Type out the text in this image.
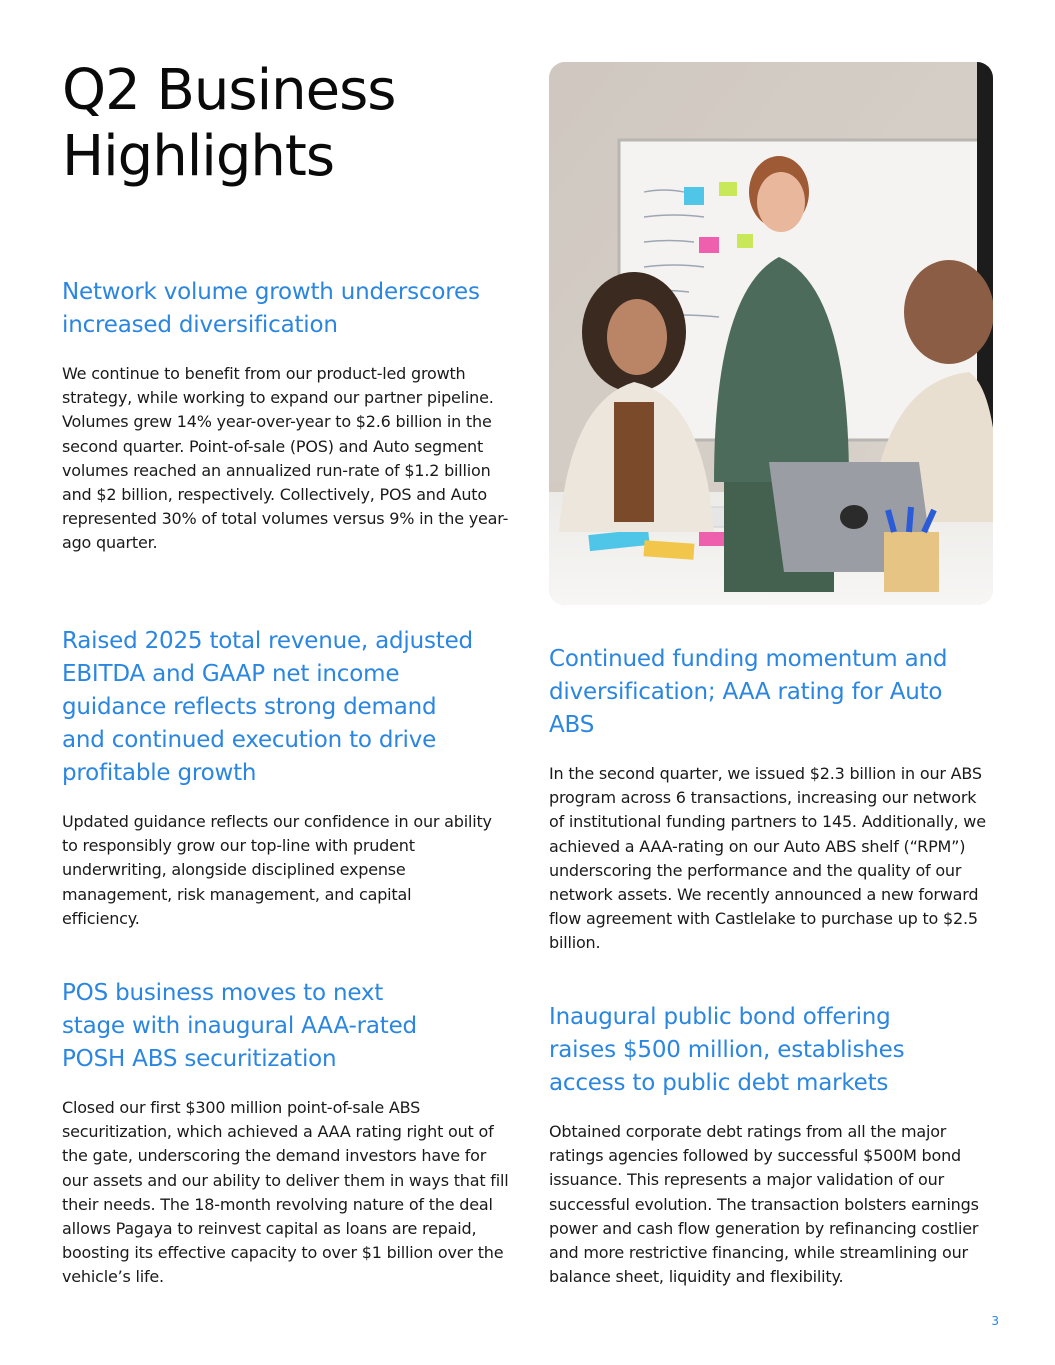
Q2 Business Highlights
Network volume growth underscores increased diversification

We continue to benefit from our product-led growth strategy, while working to expand our partner pipeline. Volumes grew 14% year-over-year to $2.6 billion in the second quarter. Point-of-sale (POS) and Auto segment volumes reached an annualized run-rate of $1.2 billion and $2 billion, respectively. Collectively, POS and Auto represented 30% of total volumes versus 9% in the year-ago quarter.

Raised 2025 total revenue, adjusted EBITDA and GAAP net income guidance reflects strong demand and continued execution to drive profitable growth

Updated guidance reflects our confidence in our ability to responsibly grow our top-line with prudent underwriting, alongside disciplined expense management, risk management, and capital efficiency.

POS business moves to next stage with inaugural AAA-rated POSH ABS securitization

Closed our first $300 million point-of-sale ABS securitization, which achieved a AAA rating right out of the gate, underscoring the demand investors have for our assets and our ability to deliver them in ways that fill their needs. The 18-month revolving nature of the deal allows Pagaya to reinvest capital as loans are repaid, boosting its effective capacity to over $1 billion over the vehicle’s life.

Continued funding momentum and diversification; AAA rating for Auto ABS

In the second quarter, we issued $2.3 billion in our ABS program across 6 transactions, increasing our network of institutional funding partners to 145. Additionally, we achieved a AAA-rating on our Auto ABS shelf (“RPM”) underscoring the performance and the quality of our network assets. We recently announced a new forward flow agreement with Castlelake to purchase up to $2.5 billion.

Inaugural public bond offering raises $500 million, establishes access to public debt markets

Obtained corporate debt ratings from all the major ratings agencies followed by successful $500M bond issuance. This represents a major validation of our successful evolution. The transaction bolsters earnings power and cash flow generation by refinancing costlier and more restrictive financing, while streamlining our balance sheet, liquidity and flexibility.

3
